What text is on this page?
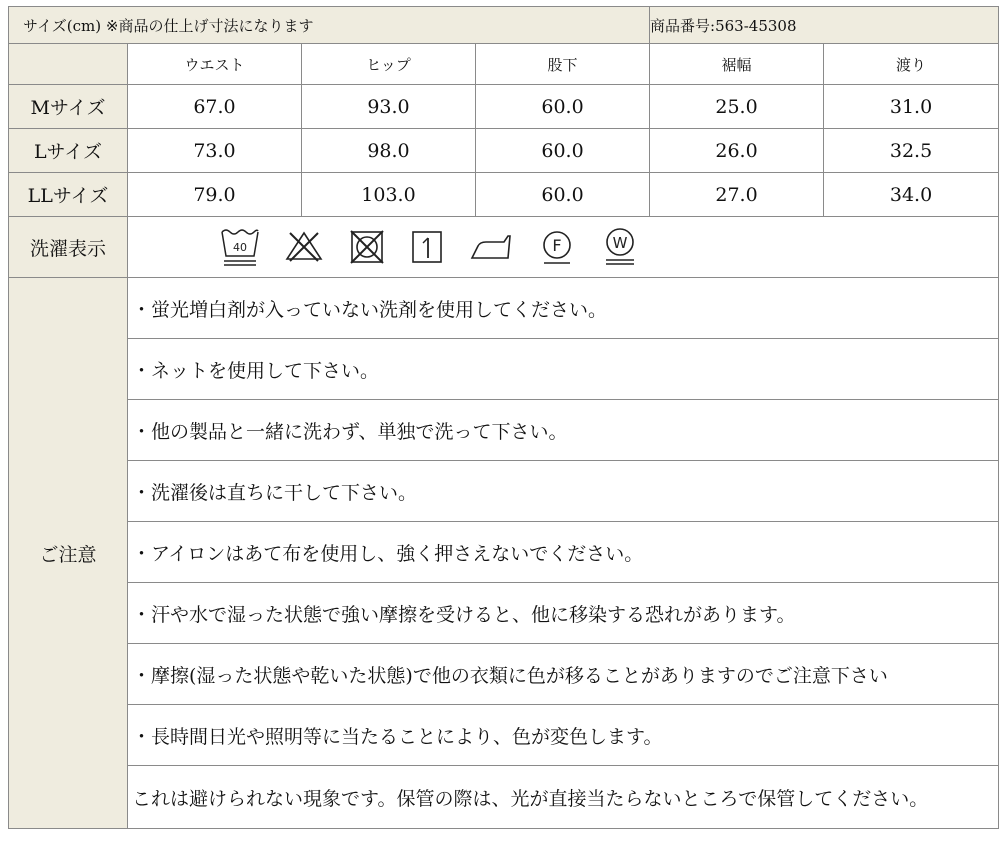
サイズ(cm) ※商品の仕上げ寸法になります				商品番号:563-45308	
	ウエスト	ヒップ	股下	裾幅	渡り
Mサイズ	67.0	93.0	60.0	25.0	31.0
Lサイズ	73.0	98.0	60.0	26.0	32.5
LLサイズ	79.0	103.0	60.0	27.0	34.0
洗濯表示	40 F W				

ご注意	・蛍光増白剤が入っていない洗剤を使用してください。				
	・ネットを使用して下さい。				
	・他の製品と一緒に洗わず、単独で洗って下さい。				
	・洗濯後は直ちに干して下さい。				
	・アイロンはあて布を使用し、強く押さえないでください。				
	・汗や水で湿った状態で強い摩擦を受けると、他に移染する恐れがあります。				
	・摩擦(湿った状態や乾いた状態)で他の衣類に色が移ることがありますのでご注意下さい				
	・長時間日光や照明等に当たることにより、色が変色します。				
	これは避けられない現象です。保管の際は、光が直接当たらないところで保管してください。				
